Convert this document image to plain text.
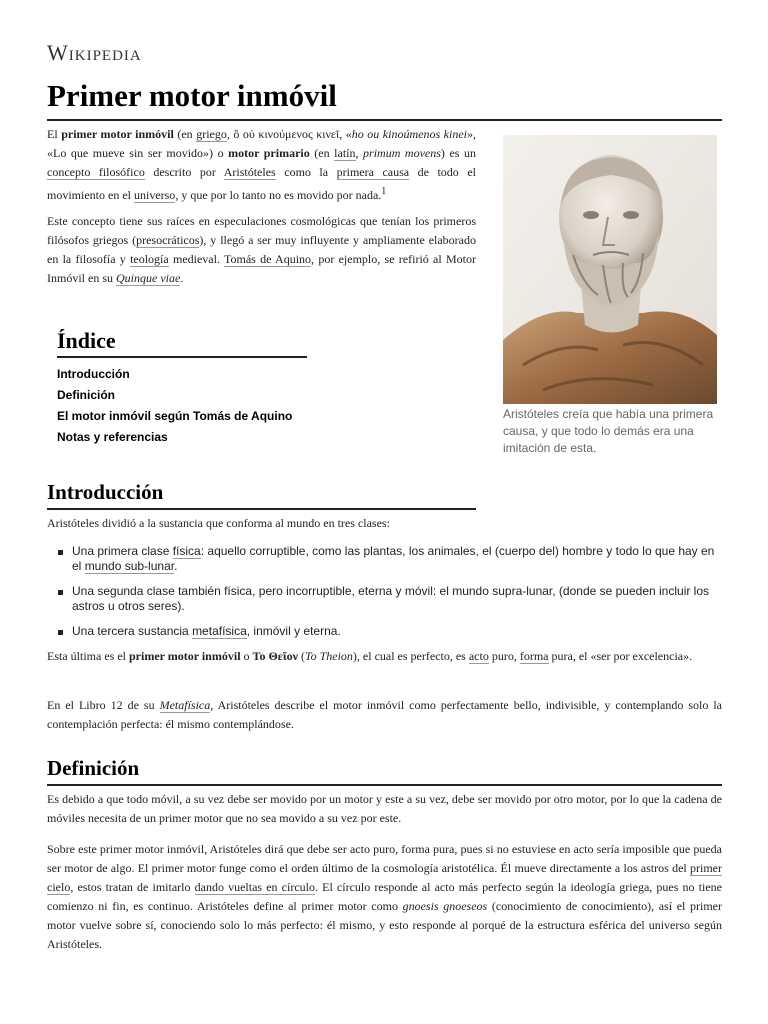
Wikipedia
Primer motor inmóvil
El primer motor inmóvil (en griego, ὃ οὐ κινούμενος κινεῖ, «ho ou kinoúmenos kinei», «Lo que mueve sin ser movido») o motor primario (en latín, primum movens) es un concepto filosófico descrito por Aristóteles como la primera causa de todo el movimiento en el universo, y que por lo tanto no es movido por nada.$^1$
Este concepto tiene sus raíces en especulaciones cosmológicas que tenían los primeros filósofos griegos (presocráticos), y llegó a ser muy influyente y ampliamente elaborado en la filosofía y teología medieval. Tomás de Aquino, por ejemplo, se refirió al Motor Inmóvil en su Quinque viae.
Aristóteles creía que había una primera causa, y que todo lo demás era una imitación de esta.
Índice
Introducción
Definición
El motor inmóvil según Tomás de Aquino
Notas y referencias
Introducción
Aristóteles dividió a la sustancia que conforma al mundo en tres clases:
Una primera clase física: aquello corruptible, como las plantas, los animales, el (cuerpo del) hombre y todo lo que hay en el mundo sub-lunar.
Una segunda clase también física, pero incorruptible, eterna y móvil: el mundo supra-lunar, (donde se pueden incluir los astros u otros seres).
Una tercera sustancia metafísica, inmóvil y eterna.
Esta última es el primer motor inmóvil o Το Θεῖον (To Theion), el cual es perfecto, es acto puro, forma pura, el «ser por excelencia».
En el Libro 12 de su Metafísica, Aristóteles describe el motor inmóvil como perfectamente bello, indivisible, y contemplando solo la contemplación perfecta: él mismo contemplándose.
Definición
Es debido a que todo móvil, a su vez debe ser movido por un motor y este a su vez, debe ser movido por otro motor, por lo que la cadena de móviles necesita de un primer motor que no sea movido a su vez por este.
Sobre este primer motor inmóvil, Aristóteles dirá que debe ser acto puro, forma pura, pues si no estuviese en acto sería imposible que pueda ser motor de algo. El primer motor funge como el orden último de la cosmología aristotélica. Él mueve directamente a los astros del primer cielo, estos tratan de imitarlo dando vueltas en círculo. El círculo responde al acto más perfecto según la ideología griega, pues no tiene comienzo ni fin, es continuo. Aristóteles define al primer motor como gnoesis gnoeseos (conocimiento de conocimiento), así el primer motor vuelve sobre sí, conociendo solo lo más perfecto: él mismo, y esto responde al porqué de la estructura esférica del universo según Aristóteles.
